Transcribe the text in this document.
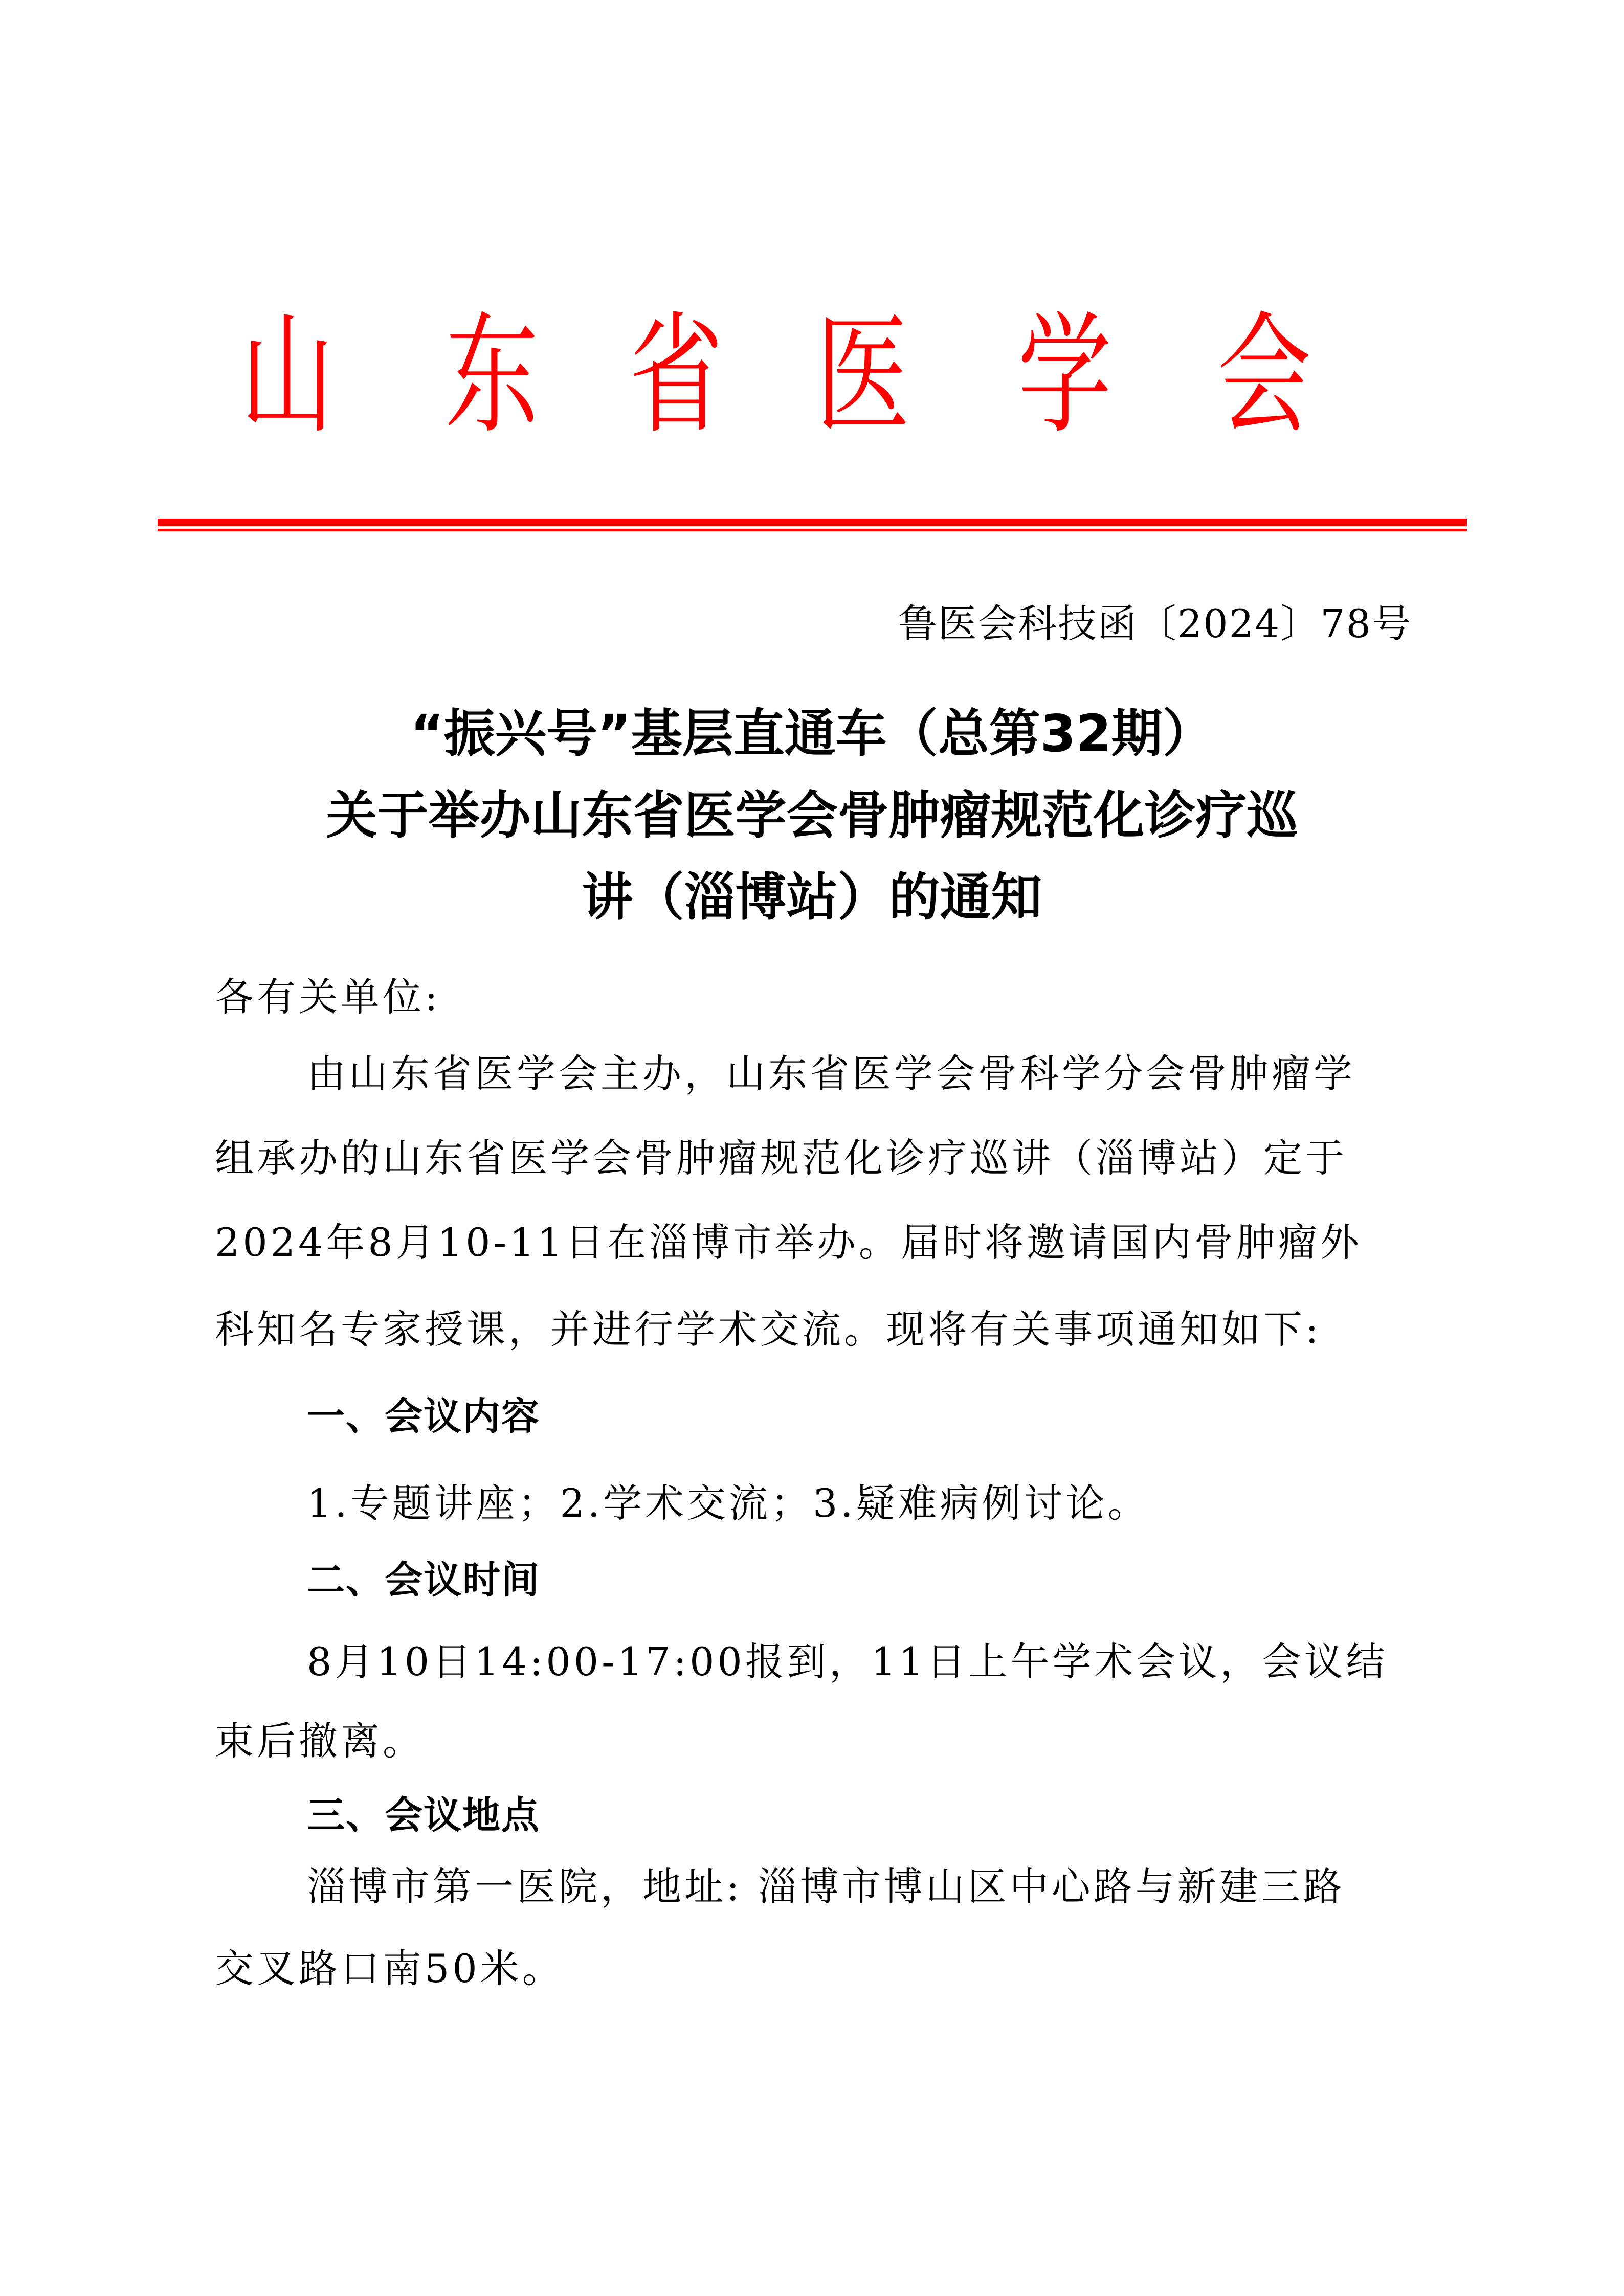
山 东 省 医 学 会
鲁医会科技函〔2024〕78号
“振兴号”基层直通车（总第32期）
关于举办山东省医学会骨肿瘤规范化诊疗巡
讲（淄博站）的通知
各有关单位:
由山东省医学会主办，山东省医学会骨科学分会骨肿瘤学
组承办的山东省医学会骨肿瘤规范化诊疗巡讲（淄博站）定于
2024年8月10-11日在淄博市举办。届时将邀请国内骨肿瘤外
科知名专家授课，并进行学术交流。现将有关事项通知如下:
一、会议内容
1.专题讲座；2.学术交流；3.疑难病例讨论。
二、会议时间
8月10日14:00-17:00报到，11日上午学术会议，会议结
束后撤离。
三、会议地点
淄博市第一医院，地址: 淄博市博山区中心路与新建三路
交叉路口南50米。
